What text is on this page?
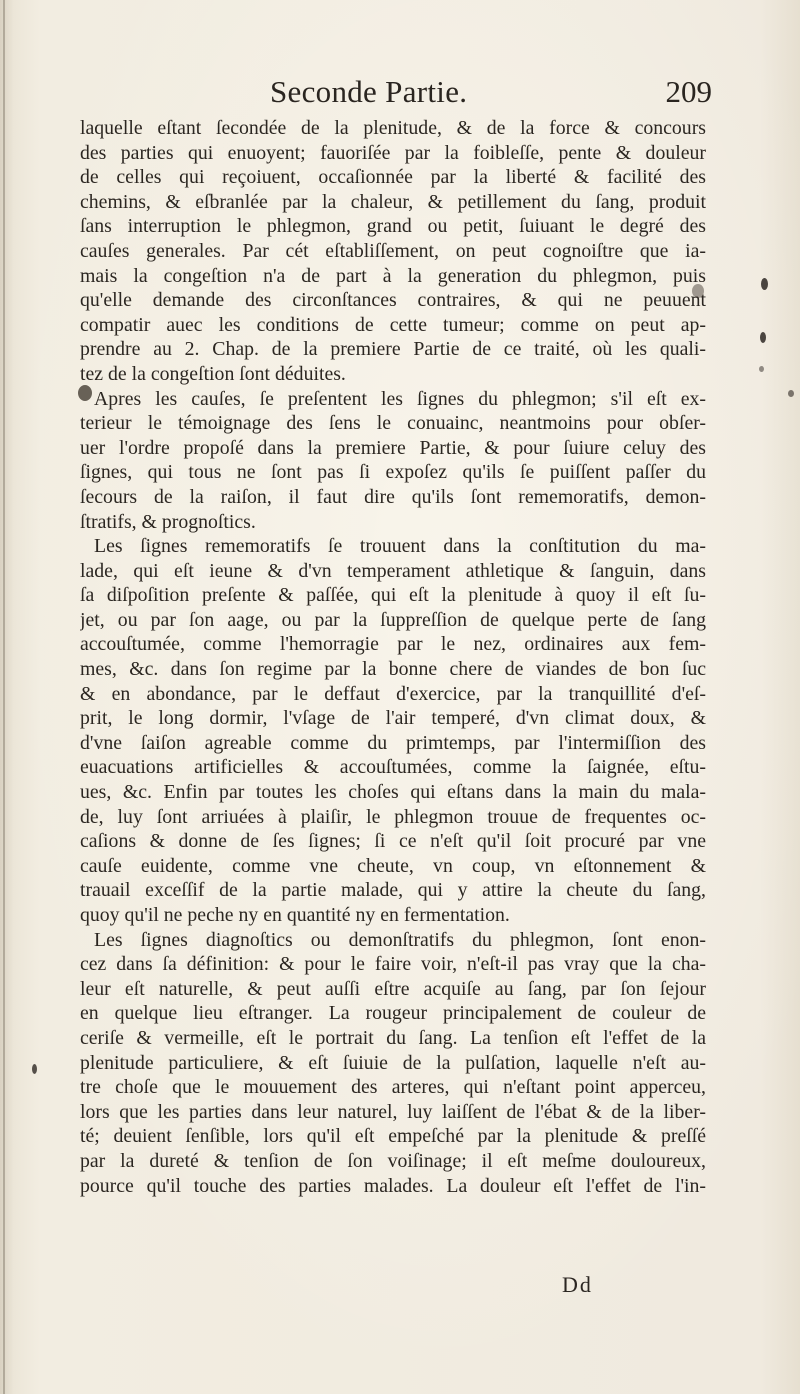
Seconde Partie.	209
laquelle eſtant ſecondée de la plenitude, & de la force & concours
des parties qui enuoyent; fauoriſée par la foibleſſe, pente & douleur
de celles qui reçoiuent, occaſionnée par la liberté & facilité des
chemins, & eſbranlée par la chaleur, & petillement du ſang, produit
ſans interruption le phlegmon, grand ou petit, ſuiuant le degré des
cauſes generales. Par cét eſtabliſſement, on peut cognoiſtre que ia-
mais la congeſtion n'a de part à la generation du phlegmon, puis
qu'elle demande des circonſtances contraires, & qui ne peuuent
compatir auec les conditions de cette tumeur; comme on peut ap-
prendre au 2. Chap. de la premiere Partie de ce traité, où les quali-
tez de la congeſtion ſont déduites.
Apres les cauſes, ſe preſentent les ſignes du phlegmon; s'il eſt ex-
terieur le témoignage des ſens le conuainc, neantmoins pour obſer-
uer l'ordre propoſé dans la premiere Partie, & pour ſuiure celuy des
ſignes, qui tous ne ſont pas ſi expoſez qu'ils ſe puiſſent paſſer du
ſecours de la raiſon, il faut dire qu'ils ſont rememoratifs, demon-
ſtratifs, & prognoſtics.
Les ſignes rememoratifs ſe trouuent dans la conſtitution du ma-
lade, qui eſt ieune & d'vn temperament athletique & ſanguin, dans
ſa diſpoſition preſente & paſſée, qui eſt la plenitude à quoy il eſt ſu-
jet, ou par ſon aage, ou par la ſuppreſſion de quelque perte de ſang
accouſtumée, comme l'hemorragie par le nez, ordinaires aux fem-
mes, &c. dans ſon regime par la bonne chere de viandes de bon ſuc
& en abondance, par le deffaut d'exercice, par la tranquillité d'eſ-
prit, le long dormir, l'vſage de l'air temperé, d'vn climat doux, &
d'vne ſaiſon agreable comme du primtemps, par l'intermiſſion des
euacuations artificielles & accouſtumées, comme la ſaignée, eſtu-
ues, &c. Enfin par toutes les choſes qui eſtans dans la main du mala-
de, luy ſont arriuées à plaiſir, le phlegmon trouue de frequentes oc-
caſions & donne de ſes ſignes; ſi ce n'eſt qu'il ſoit procuré par vne
cauſe euidente, comme vne cheute, vn coup, vn eſtonnement &
trauail exceſſif de la partie malade, qui y attire la cheute du ſang,
quoy qu'il ne peche ny en quantité ny en fermentation.
Les ſignes diagnoſtics ou demonſtratifs du phlegmon, ſont enon-
cez dans ſa définition: & pour le faire voir, n'eſt-il pas vray que la cha-
leur eſt naturelle, & peut auſſi eſtre acquiſe au ſang, par ſon ſejour
en quelque lieu eſtranger. La rougeur principalement de couleur de
ceriſe & vermeille, eſt le portrait du ſang. La tenſion eſt l'effet de la
plenitude particuliere, & eſt ſuiuie de la pulſation, laquelle n'eſt au-
tre choſe que le mouuement des arteres, qui n'eſtant point apperceu,
lors que les parties dans leur naturel, luy laiſſent de l'ébat & de la liber-
té; deuient ſenſible, lors qu'il eſt empeſché par la plenitude & preſſé
par la dureté & tenſion de ſon voiſinage; il eſt meſme douloureux,
pource qu'il touche des parties malades. La douleur eſt l'effet de l'in-
Dd
